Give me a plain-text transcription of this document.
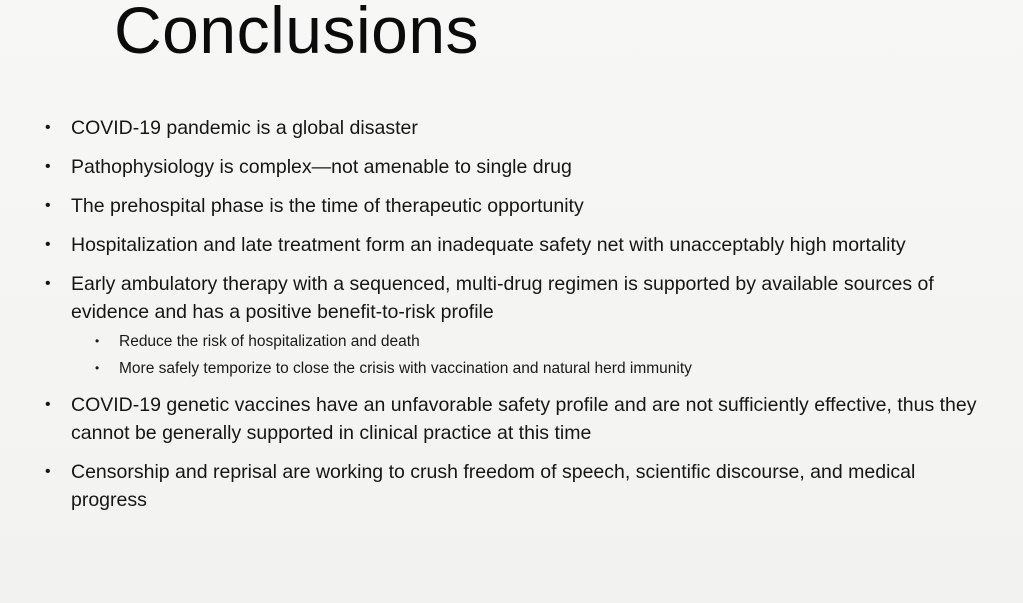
Conclusions
• COVID-19 pandemic is a global disaster
• Pathophysiology is complex—not amenable to single drug
• The prehospital phase is the time of therapeutic opportunity
• Hospitalization and late treatment form an inadequate safety net with unacceptably high mortality
• Early ambulatory therapy with a sequenced, multi-drug regimen is supported by available sources of evidence and has a positive benefit-to-risk profile
• Reduce the risk of hospitalization and death
• More safely temporize to close the crisis with vaccination and natural herd immunity
• COVID-19 genetic vaccines have an unfavorable safety profile and are not sufficiently effective, thus they cannot be generally supported in clinical practice at this time
• Censorship and reprisal are working to crush freedom of speech, scientific discourse, and medical progress
